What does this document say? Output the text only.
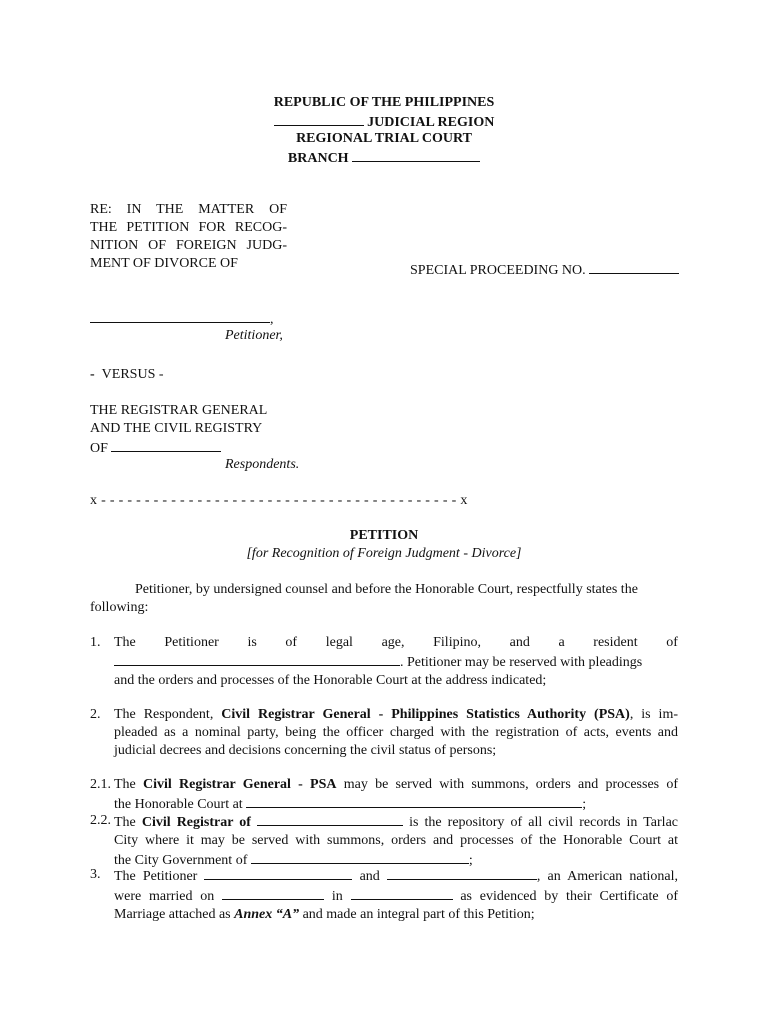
REPUBLIC OF THE PHILIPPINES
JUDICIAL REGION
REGIONAL TRIAL COURT
BRANCH
RE: IN THE MATTER OF
THE PETITION FOR RECOG-
NITION OF FOREIGN JUDG-
MENT OF DIVORCE OF	SPECIAL PROCEEDING NO.
,
Petitioner,
- VERSUS -
THE REGISTRAR GENERAL
AND THE CIVIL REGISTRY
OF
Respondents.
x - - - - - - - - - - - - - - - - - - - - - - - - - - - - - - - - - - - - - - - - - x
PETITION
[for Recognition of Foreign Judgment - Divorce]
Petitioner, by undersigned counsel and before the Honorable Court, respectfully states the
following:
1. The Petitioner is of legal age, Filipino, and a resident of
. Petitioner may be reserved with pleadings
and the orders and processes of the Honorable Court at the address indicated;
2. The Respondent, Civil Registrar General - Philippines Statistics Authority (PSA), is im-
pleaded as a nominal party, being the officer charged with the registration of acts, events and
judicial decrees and decisions concerning the civil status of persons;
2.1. The Civil Registrar General - PSA may be served with summons, orders and processes of
the Honorable Court at	;
2.2. The Civil Registrar of	is the repository of all civil records in Tarlac
City where it may be served with summons, orders and processes of the Honorable Court at
the City Government of	;
3. The Petitioner	and	, an American national,
were married on	in	as evidenced by their Certificate of
Marriage attached as Annex “A” and made an integral part of this Petition;
